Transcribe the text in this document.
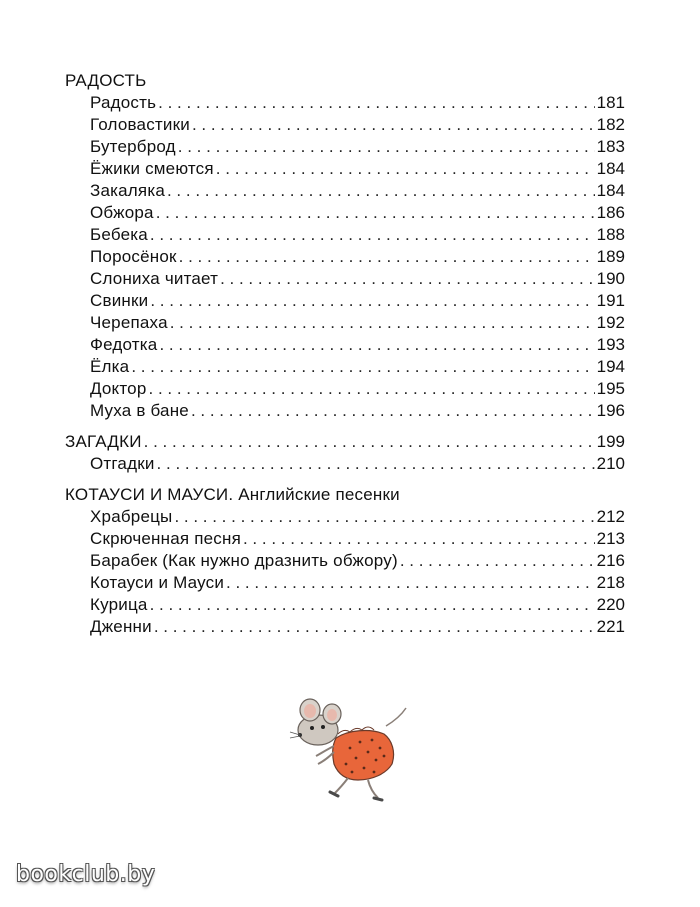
РАДОСТЬ
Радость . . .	181
Головастики . . .	182
Бутерброд . . .	183
Ёжики смеются . . .	184
Закаляка . . .	184
Обжора . . .	186
Бебека . . .	188
Поросёнок . . .	189
Слониха читает . . .	190
Свинки . . .	191
Черепаха . . .	192
Федотка . . .	193
Ёлка . . .	194
Доктор . . .	195
Муха в бане . . .	196
ЗАГАДКИ . . .	199
Отгадки . . .	210
КОТАУСИ И МАУСИ. Английские песенки
Храбрецы . . .	212
Скрюченная песня . . .	213
Барабек (Как нужно дразнить обжору) . . .	216
Котауси и Мауси . . .	218
Курица . . .	220
Дженни . . .	221
bookclub.by
